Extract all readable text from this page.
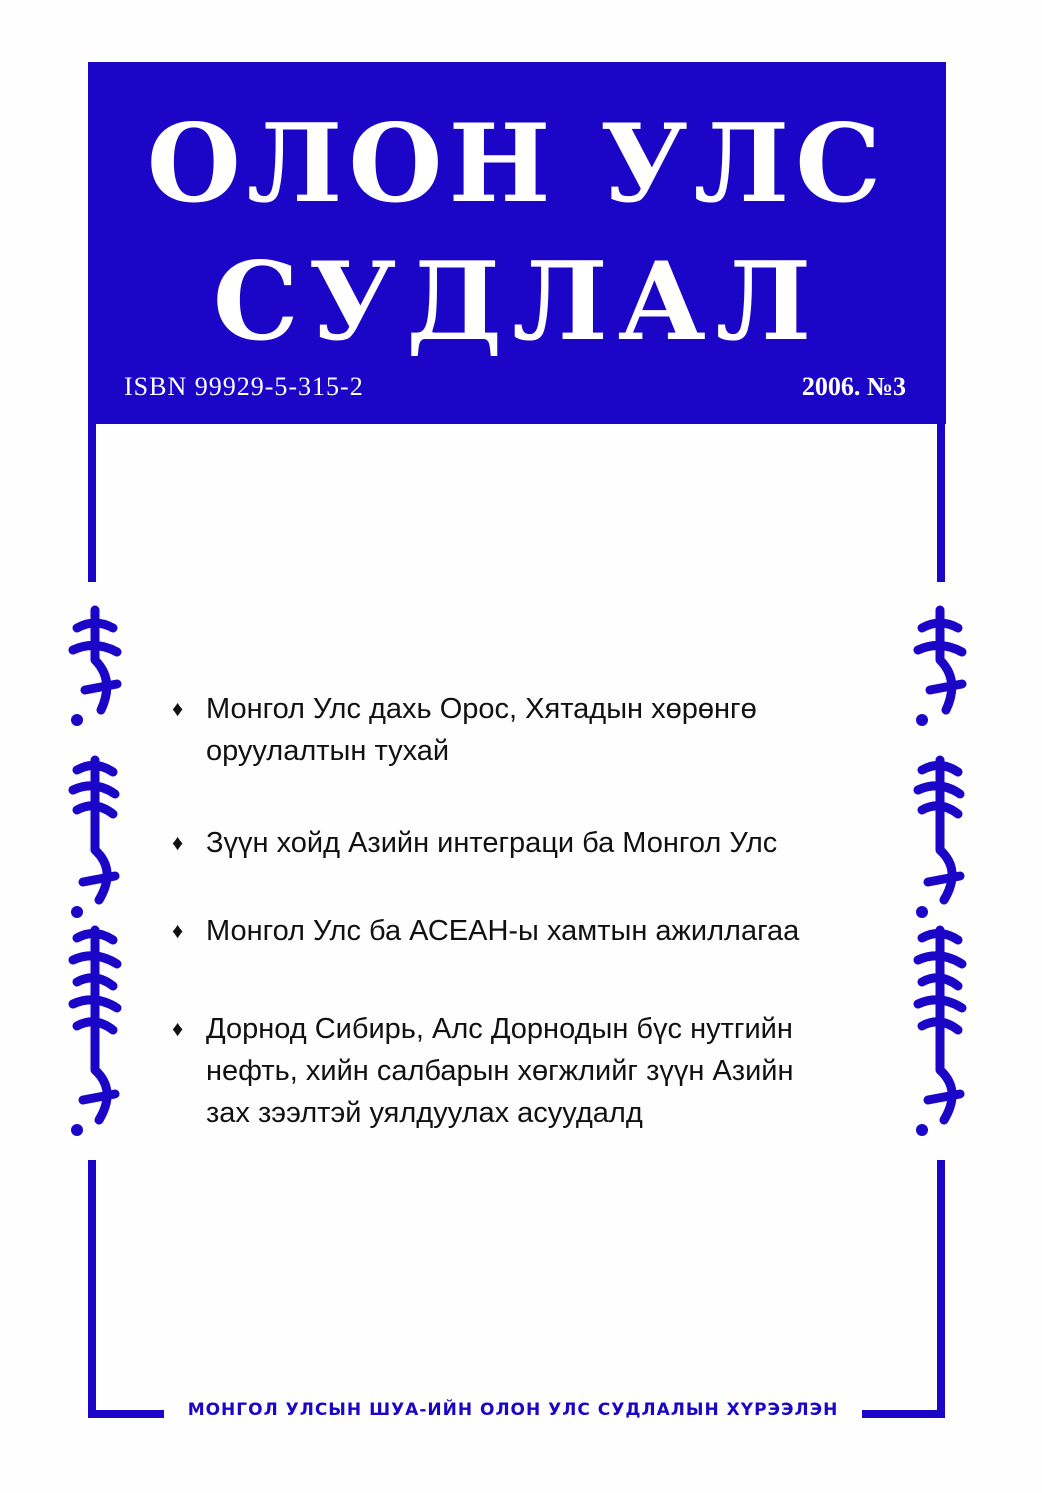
ОЛОН УЛС
СУДЛАЛ
ISBN 99929-5-315-2	2006. №3
♦ Монгол Улс дахь Орос, Хятадын хөрөнгө
оруулалтын тухай
♦ Зүүн хойд Азийн интеграци ба Монгол Улс
♦ Монгол Улс ба АСЕАН-ы хамтын ажиллагаа
♦ Дорнод Сибирь, Алс Дорнодын бүс нутгийн
нефть, хийн салбарын хөгжлийг зүүн Азийн
зах зээлтэй уялдуулах асуудалд
МОНГОЛ УЛСЫН ШУА-ИЙН ОЛОН УЛС СУДЛАЛЫН ХҮРЭЭЛЭН
